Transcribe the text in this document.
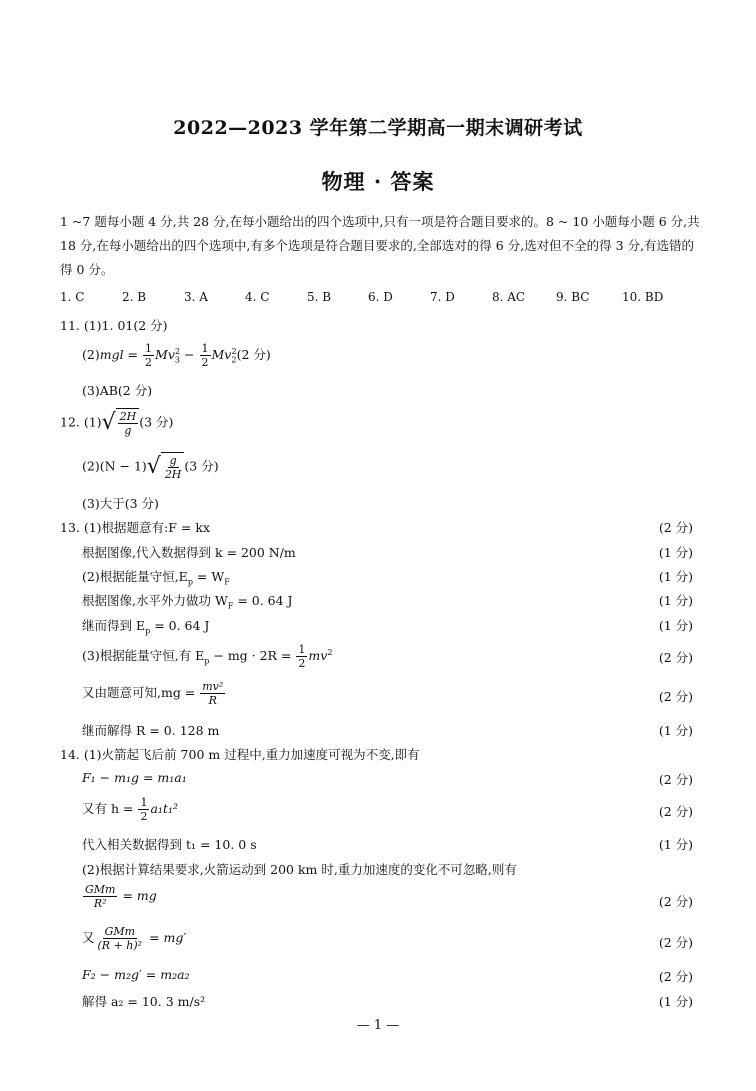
2022—2023 学年第二学期高一期末调研考试
物理 · 答案
1 ~7 题每小题 4 分,共 28 分,在每小题给出的四个选项中,只有一项是符合题目要求的。8 ~ 10 小题每小题 6 分,共 18 分,在每小题给出的四个选项中,有多个选项是符合题目要求的,全部选对的得 6 分,选对但不全的得 3 分,有选错的得 0 分。
1. C	2. B	3. A	4. C	5. B	6. D	7. D	8. AC	9. BC	10. BD
11. (1)1. 01(2 分)
$(2)mgl = \frac{1}{2} Mv_3^2 - \frac{1}{2} Mv_2^2(2$ 分)
(3)AB(2 分)
12. (1) √ $\frac{2H}{g} (3$ 分)
(2)(N − 1) √ $\frac{g}{2H} (3$ 分)
(3)大于(3 分)
13. (1)根据题意有:F = kx	(2 分)
根据图像,代入数据得到 k = 200 N/m	(1 分)
(2)根据能量守恒$,E_p = W_F$	(1 分)
根据图像,水平外力做功 $W_F = 0$. 64 J	(1 分)
继而得到 $E_p = 0$. 64 J	(1 分)
(3)根据能量守恒,有 $E_p$ − mg · $2R = \frac{1}{2} mv^2$	(2 分)
又由题意可知$,mg = \frac{\text{mv²}}{R}$	(2 分)
继而解得 R = 0. 128 m	(1 分)
14. (1)火箭起飞后前 700 m 过程中,重力加速度可视为不变,即有
F₁ − m₁g = m₁a₁	(2 分)
又有 $h = \frac{1}{2} a_1t_1^2$	(2 分)
代入相关数据得到 t₁ = 10. 0 s	(1 分)
(2)根据计算结果要求,火箭运动到 200 km 时,重力加速度的变化不可忽略,则有
$\frac{\text{GMm}}{\text{R²}}$ = mg	(2 分)
又 $\frac{\text{GMm}}{\text{(R + h)²}} = mg'$	(2 分)
F₂ − m₂g′ = m₂a₂	(2 分)
解得 a₂ = 10. 3 m/s²	(1 分)
— 1 —
